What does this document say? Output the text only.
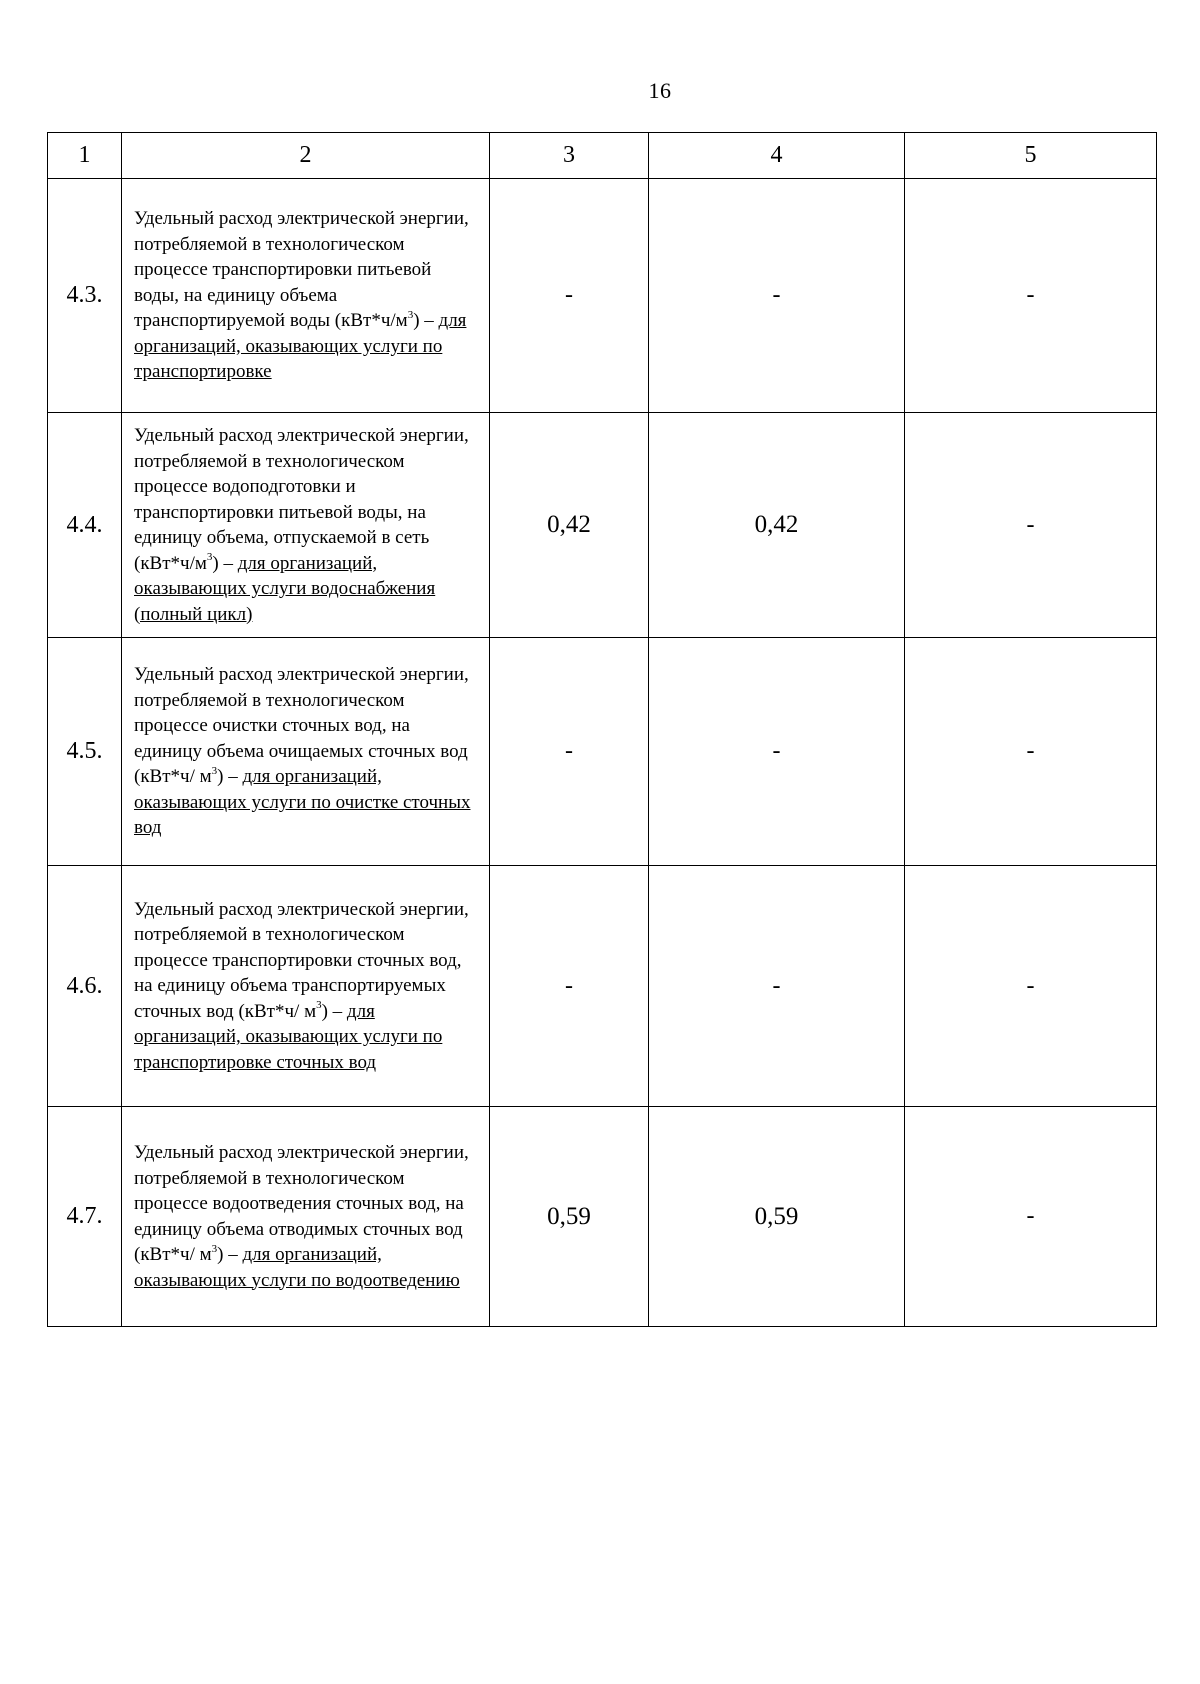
16
1	2	3	4	5
4.3.	Удельный расход электрической энергии, потребляемой в технологическом процессе транспортировки питьевой воды, на единицу объема транспортируемой воды $(кВт*ч/м^3)$ – для организаций, оказывающих услуги по транспортировке	-	-	-
4.4.	Удельный расход электрической энергии, потребляемой в технологическом процессе водоподготовки и транспортировки питьевой воды, на единицу объема, отпускаемой в сеть $(кВт*ч/м^3)$ – для организаций, оказывающих услуги водоснабжения (полный цикл)	0,42	0,42	-
4.5.	Удельный расход электрической энергии, потребляемой в технологическом процессе очистки сточных вод, на единицу объема очищаемых сточных вод (кВт*ч/ $м^3$) – для организаций, оказывающих услуги по очистке сточных вод	-	-	-
4.6.	Удельный расход электрической энергии, потребляемой в технологическом процессе транспортировки сточных вод, на единицу объема транспортируемых сточных вод (кВт*ч/ $м^3$) – для организаций, оказывающих услуги по транспортировке сточных вод	-	-	-
4.7.	Удельный расход электрической энергии, потребляемой в технологическом процессе водоотведения сточных вод, на единицу объема отводимых сточных вод (кВт*ч/ $м^3$) – для организаций, оказывающих услуги по водоотведению	0,59	0,59	-
